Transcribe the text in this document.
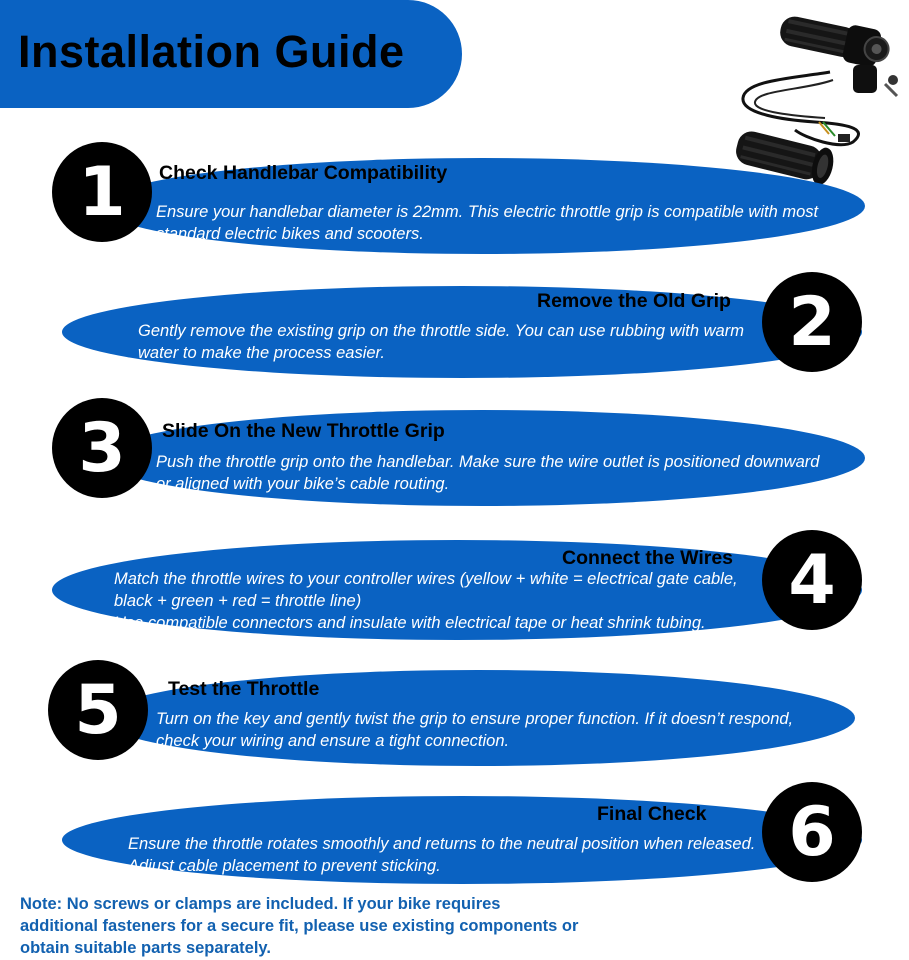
Installation Guide
1	Check Handlebar Compatibility
Ensure your handlebar diameter is 22mm. This electric throttle grip is compatible with most standard electric bikes and scooters.
2
Remove the Old Grip
Gently remove the existing grip on the throttle side. You can use rubbing with warm water to make the process easier.
3	Slide On the New Throttle Grip
Push the throttle grip onto the handlebar. Make sure the wire outlet is positioned downward or aligned with your bike’s cable routing.
4
Connect the Wires
Match the throttle wires to your controller wires (yellow + white = electrical gate cable, black + green + red = throttle line)
Use compatible connectors and insulate with electrical tape or heat shrink tubing.
5	Test the Throttle
Turn on the key and gently twist the grip to ensure proper function. If it doesn’t respond, check your wiring and ensure a tight connection.
6
Final Check
Ensure the throttle rotates smoothly and returns to the neutral position when released. Adjust cable placement to prevent sticking.

Note: No screws or clamps are included. If your bike requires additional fasteners for a secure fit, please use existing components or obtain suitable parts separately.
